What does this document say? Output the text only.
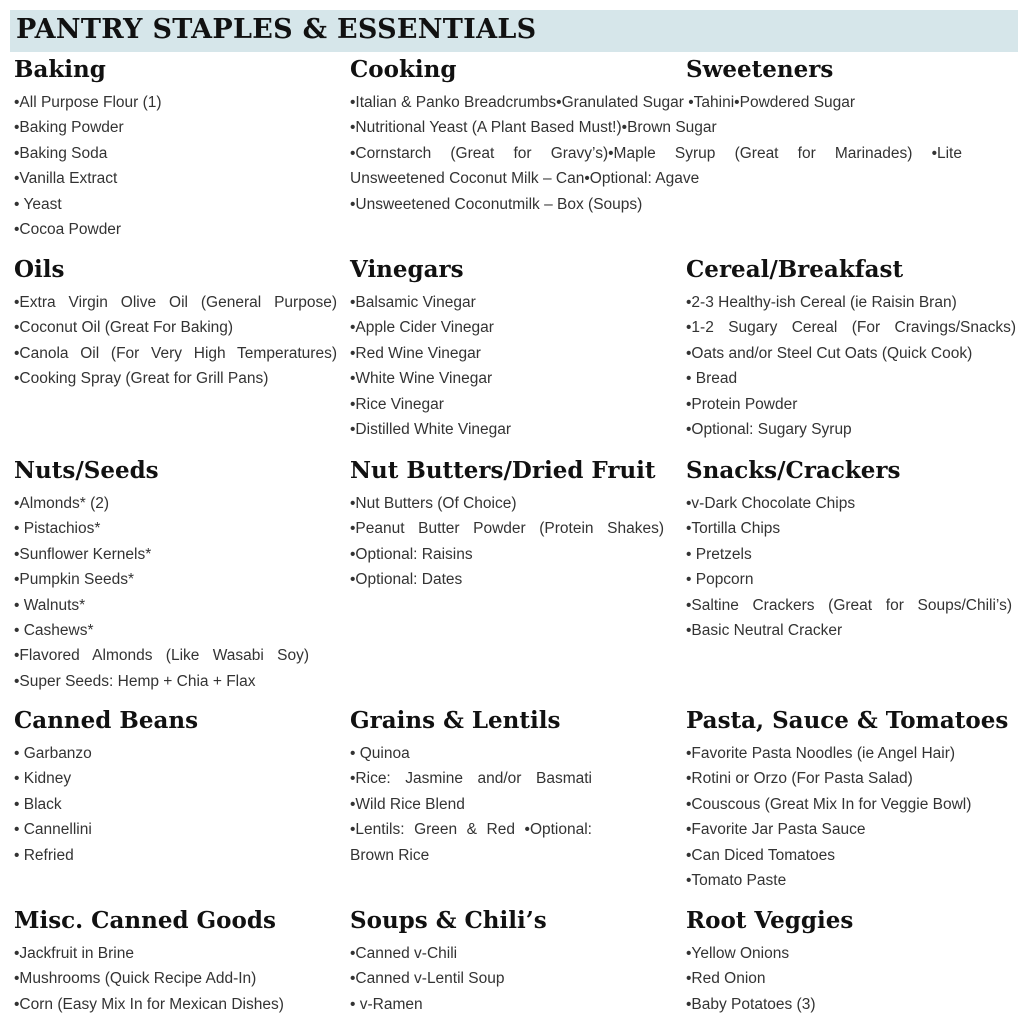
PANTRY STAPLES & ESSENTIALS
Baking
•All Purpose Flour (1)
•Baking Powder
•Baking Soda
•Vanilla Extract
• Yeast
•Cocoa Powder
Cooking
•Italian & Panko Breadcrumbs•Granulated Sugar •Tahini•Powdered Sugar
•Nutritional Yeast (A Plant Based Must!)•Brown Sugar
•Cornstarch (Great for Gravy’s)•Maple Syrup (Great for Marinades) •Lite
Unsweetened Coconut Milk – Can•Optional: Agave
•Unsweetened Coconutmilk – Box (Soups)
Sweeteners
Oils
•Extra Virgin Olive Oil (General Purpose)
•Coconut Oil (Great For Baking)
•Canola Oil (For Very High Temperatures)
•Cooking Spray (Great for Grill Pans)
Vinegars
•Balsamic Vinegar
•Apple Cider Vinegar
•Red Wine Vinegar
•White Wine Vinegar
•Rice Vinegar
•Distilled White Vinegar
Cereal/Breakfast
•2-3 Healthy-ish Cereal (ie Raisin Bran)
•1-2 Sugary Cereal (For Cravings/Snacks)
•Oats and/or Steel Cut Oats (Quick Cook)
• Bread
•Protein Powder
•Optional: Sugary Syrup
Nuts/Seeds
•Almonds* (2)
• Pistachios*
•Sunflower Kernels*
•Pumpkin Seeds*
• Walnuts*
• Cashews*
•Flavored Almonds (Like Wasabi Soy)
•Super Seeds: Hemp + Chia + Flax
Nut Butters/Dried Fruit
•Nut Butters (Of Choice)
•Peanut Butter Powder (Protein Shakes)
•Optional: Raisins
•Optional: Dates
Snacks/Crackers
•v-Dark Chocolate Chips
•Tortilla Chips
• Pretzels
• Popcorn
•Saltine Crackers (Great for Soups/Chili’s)
•Basic Neutral Cracker
Canned Beans
• Garbanzo
• Kidney
• Black
• Cannellini
• Refried
Grains & Lentils
• Quinoa
•Rice: Jasmine and/or Basmati
•Wild Rice Blend
•Lentils: Green & Red •Optional:
Brown Rice
Pasta, Sauce & Tomatoes
•Favorite Pasta Noodles (ie Angel Hair)
•Rotini or Orzo (For Pasta Salad)
•Couscous (Great Mix In for Veggie Bowl)
•Favorite Jar Pasta Sauce
•Can Diced Tomatoes
•Tomato Paste
Misc. Canned Goods
•Jackfruit in Brine
•Mushrooms (Quick Recipe Add-In)
•Corn (Easy Mix In for Mexican Dishes)
Soups & Chili’s
•Canned v-Chili
•Canned v-Lentil Soup
• v-Ramen
Root Veggies
•Yellow Onions
•Red Onion
•Baby Potatoes (3)
